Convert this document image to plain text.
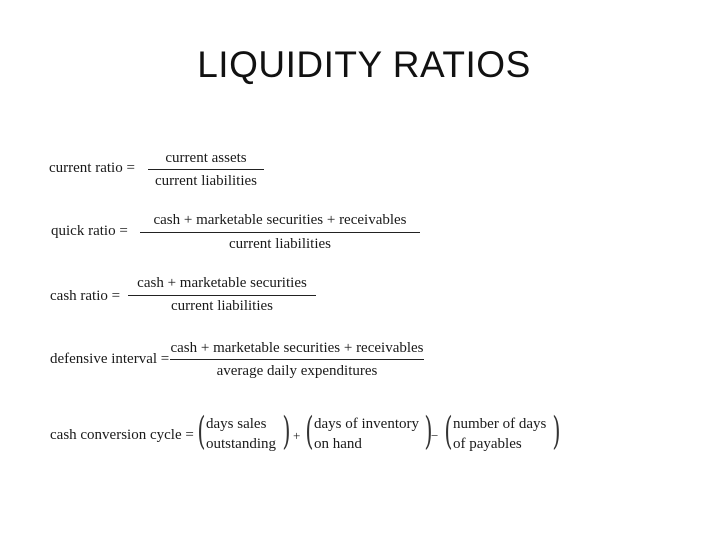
LIQUIDITY RATIOS
current ratio =
current assets
current liabilities
quick ratio =
cash + marketable securities + receivables
current liabilities
cash ratio =
cash + marketable securities
current liabilities
defensive interval =
cash + marketable securities + receivables
average daily expenditures
cash conversion cycle = ( days sales
outstanding ) + ( days of inventory
on hand )
− ( number of days
of payables )
